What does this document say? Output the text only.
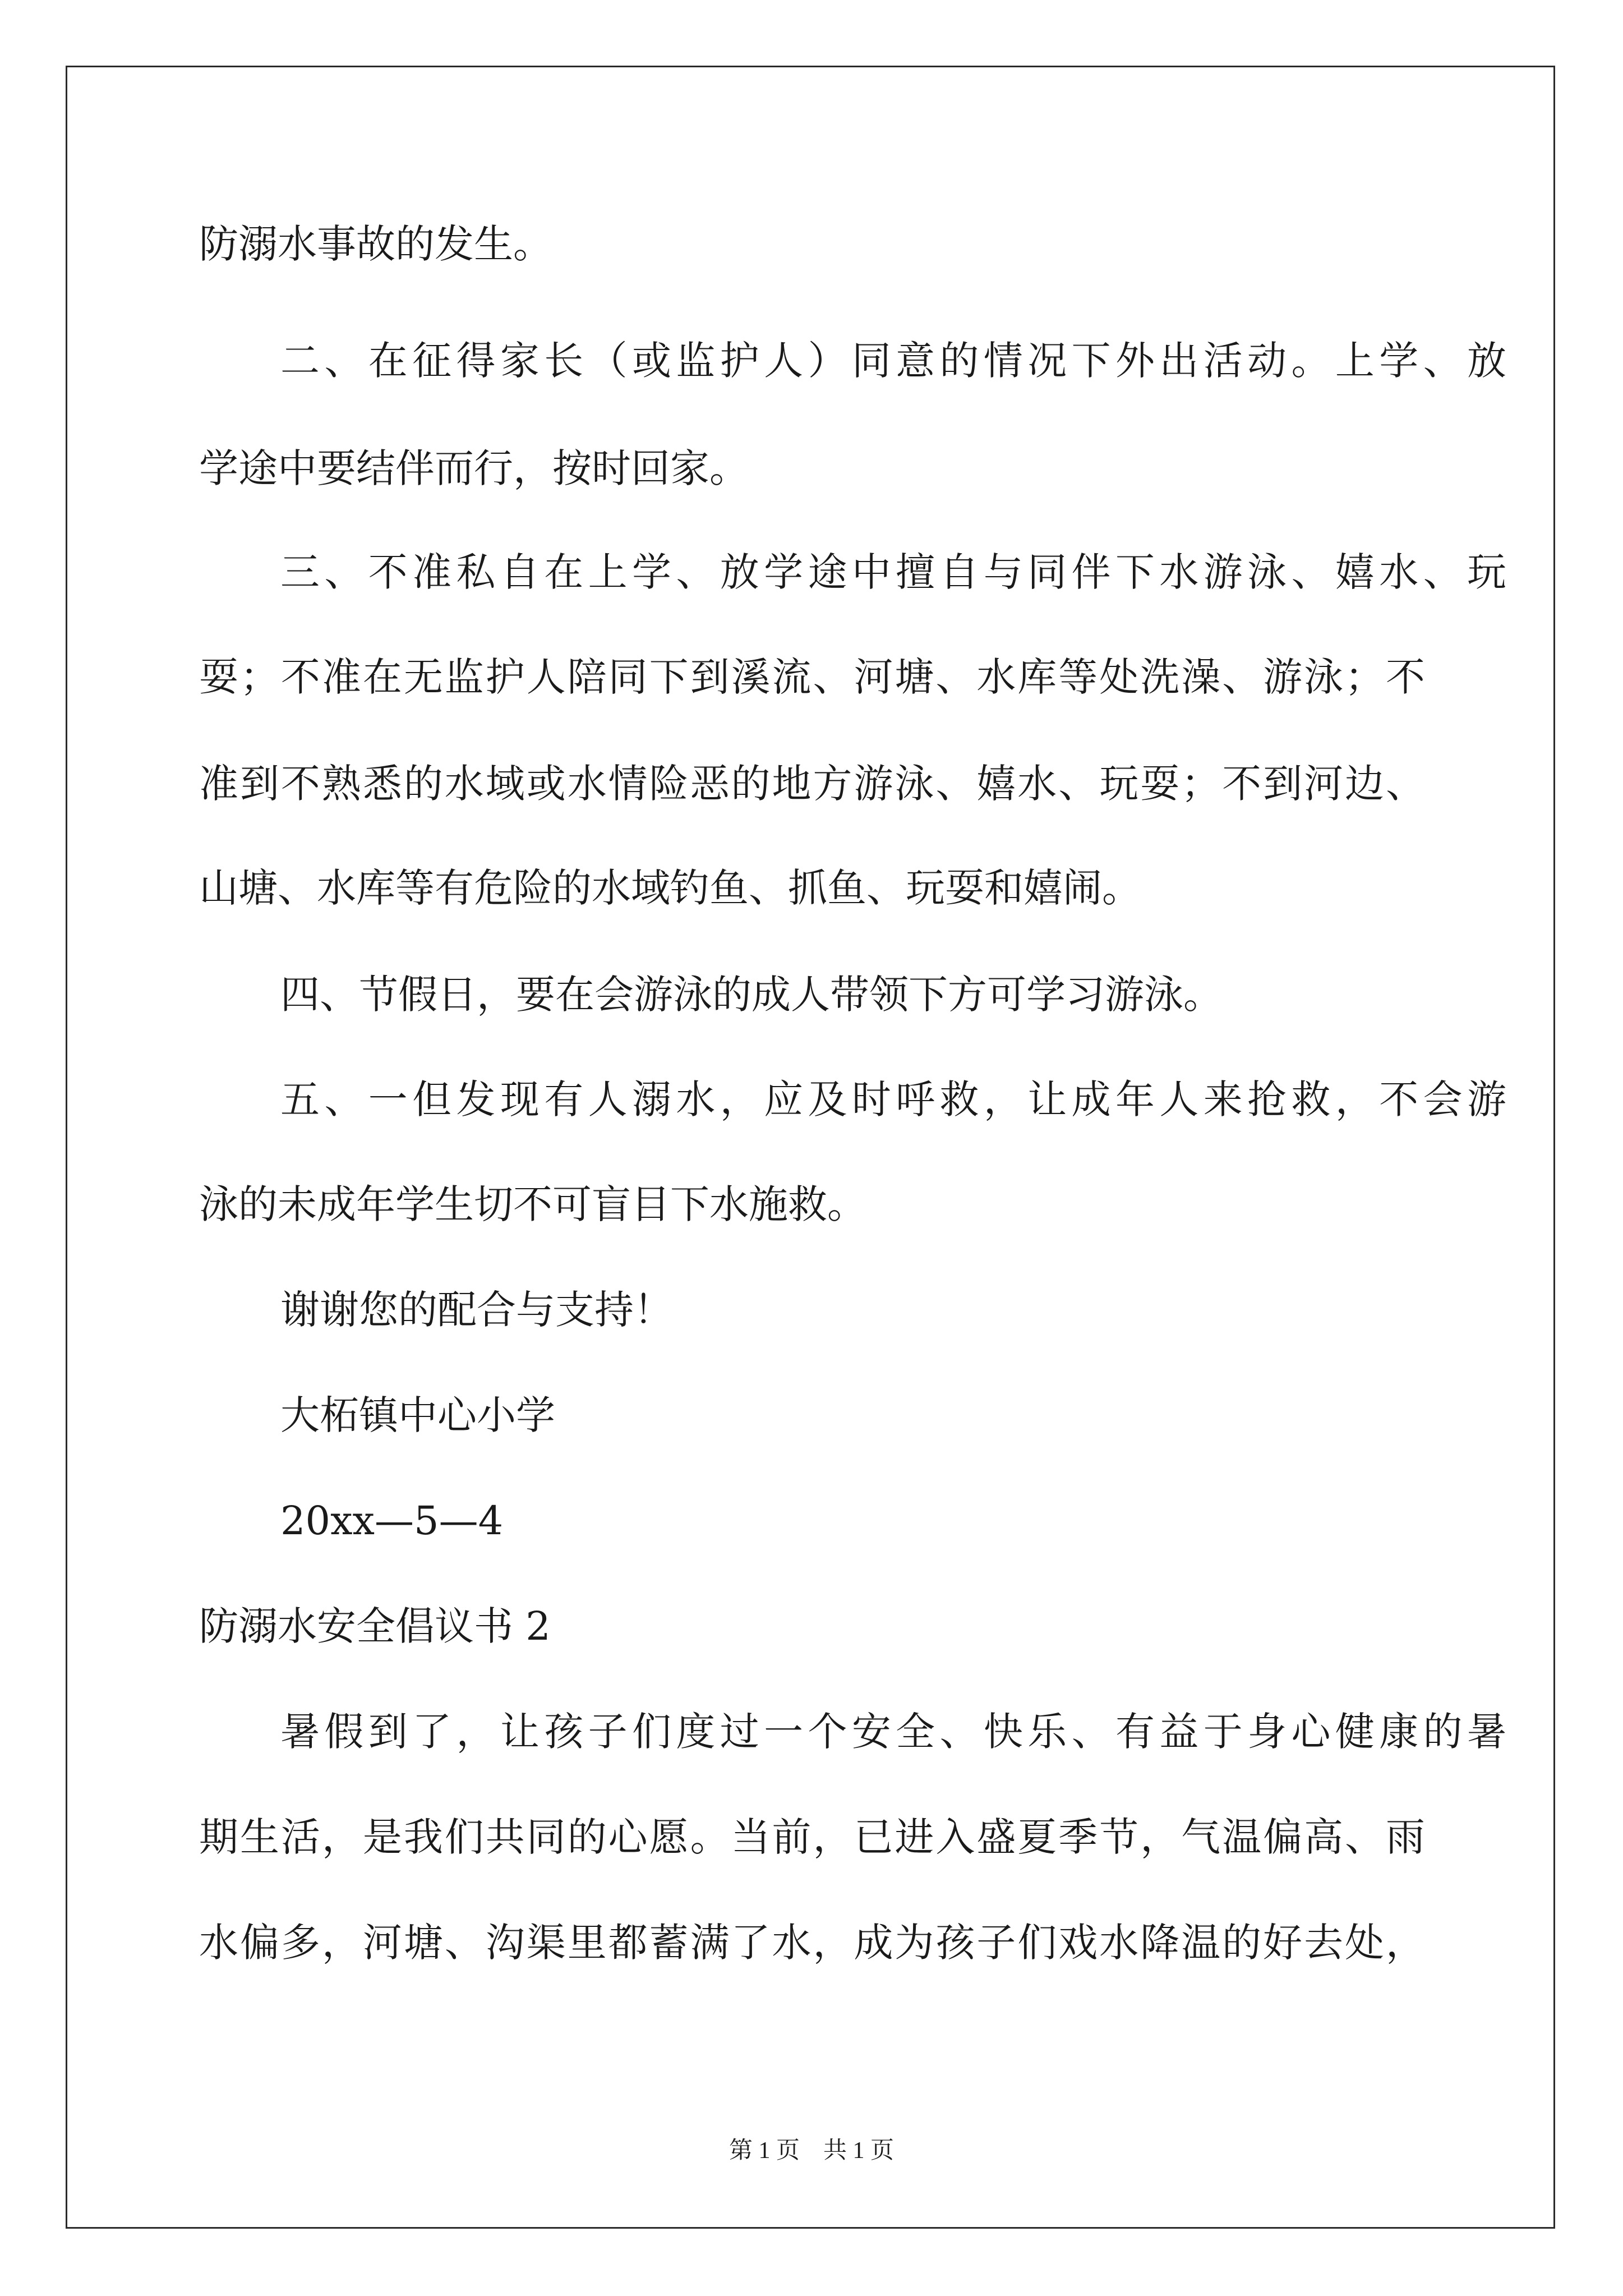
防溺水事故的发生。
二、在征得家长（或监护人）同意的情况下外出活动。上学、放
学途中要结伴而行，按时回家。
三、不准私自在上学、放学途中擅自与同伴下水游泳、嬉水、玩
耍；不准在无监护人陪同下到溪流、河塘、水库等处洗澡、游泳；不
准到不熟悉的水域或水情险恶的地方游泳、嬉水、玩耍；不到河边、
山塘、水库等有危险的水域钓鱼、抓鱼、玩耍和嬉闹。
四、节假日，要在会游泳的成人带领下方可学习游泳。
五、一但发现有人溺水，应及时呼救，让成年人来抢救，不会游
泳的未成年学生切不可盲目下水施救。
谢谢您的配合与支持！
大柘镇中心小学
20xx—5—4
防溺水安全倡议书 2
暑假到了，让孩子们度过一个安全、快乐、有益于身心健康的暑
期生活，是我们共同的心愿。当前，已进入盛夏季节，气温偏高、雨
水偏多，河塘、沟渠里都蓄满了水，成为孩子们戏水降温的好去处，
第 1 页　共 1 页
